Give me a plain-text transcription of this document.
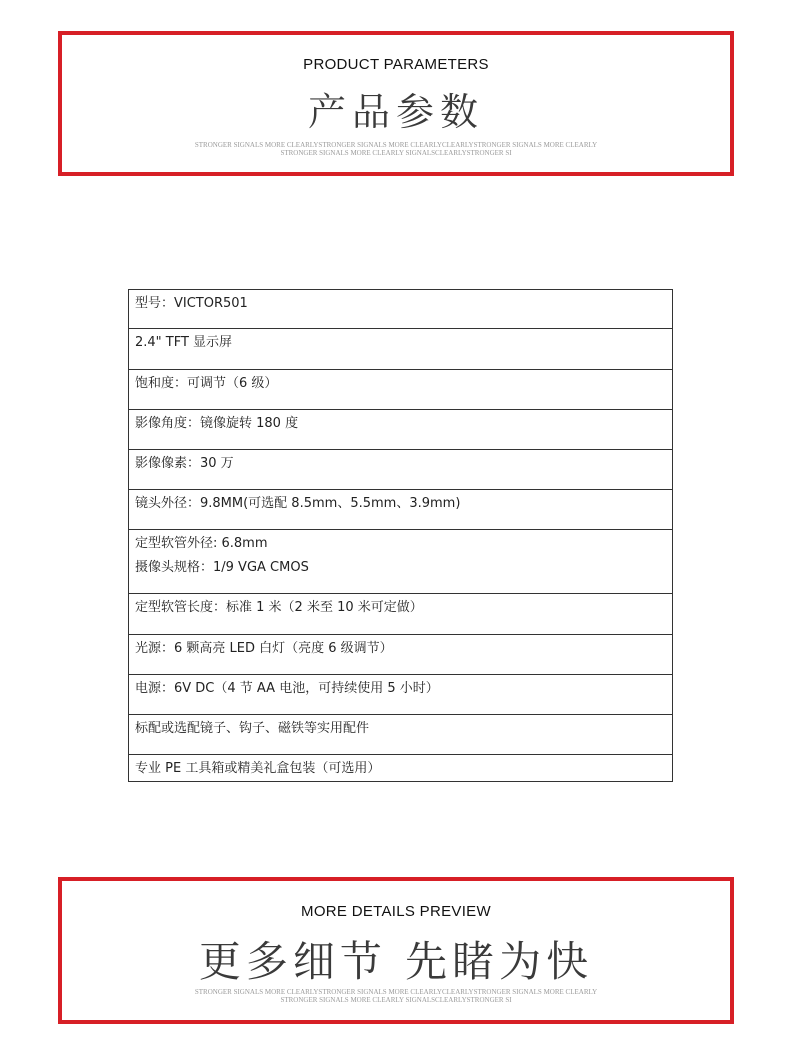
PRODUCT PARAMETERS
产品参数
STRONGER SIGNALS MORE CLEARLYSTRONGER SIGNALS MORE CLEARLYCLEARLYSTRONGER SIGNALS MORE CLEARLY
STRONGER SIGNALS MORE CLEARLY SIGNALSCLEARLYSTRONGER SI
型号：VICTOR501

2.4" TFT 显示屏

饱和度：可调节（6 级）

影像角度：镜像旋转 180 度

影像像素：30 万

镜头外径：9.8MM(可选配 8.5mm、5.5mm、3.9mm)

定型软管外径: 6.8mm
摄像头规格：1/9 VGA CMOS

定型软管长度：标准 1 米（2 米至 10 米可定做）

光源：6 颗高亮 LED 白灯（亮度 6 级调节）

电源：6V DC（4 节 AA 电池，可持续使用 5 小时）

标配或选配镜子、钩子、磁铁等实用配件

专业 PE 工具箱或精美礼盒包装（可选用）
MORE DETAILS PREVIEW
更多细节 先睹为快
STRONGER SIGNALS MORE CLEARLYSTRONGER SIGNALS MORE CLEARLYCLEARLYSTRONGER SIGNALS MORE CLEARLY
STRONGER SIGNALS MORE CLEARLY SIGNALSCLEARLYSTRONGER SI
